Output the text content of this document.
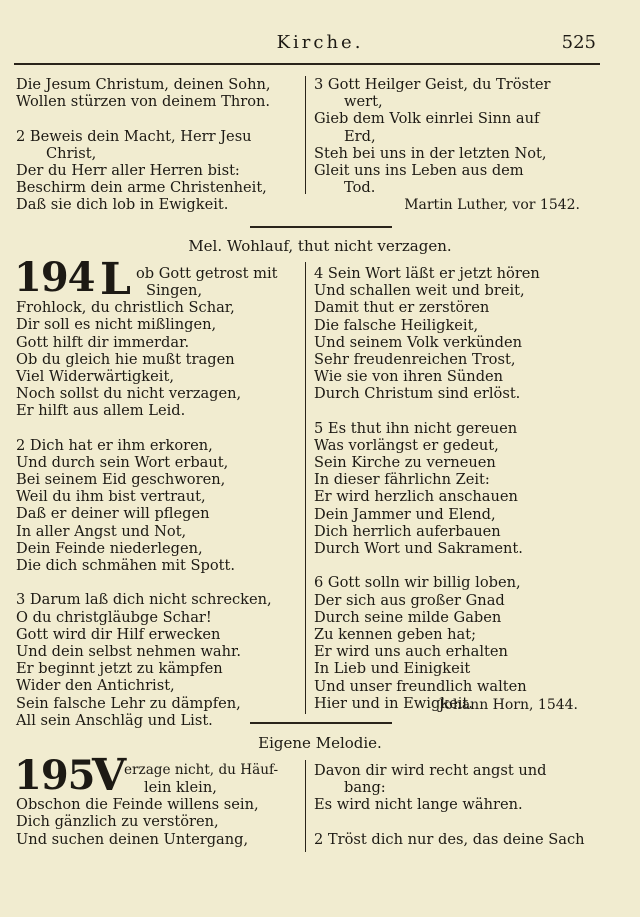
Kirche.	525
Die Jesum Christum, deinen Sohn,
Wollen stürzen von deinem Thron.
2 Beweis dein Macht, Herr Jesu
Christ,
Der du Herr aller Herren bist:
Beschirm dein arme Christenheit,
Daß sie dich lob in Ewigkeit.
3 Gott Heilger Geist, du Tröster
wert,
Gieb dem Volk einrlei Sinn auf
Erd,
Steh bei uns in der letzten Not,
Gleit uns ins Leben aus dem
Tod.
Martin Luther, vor 1542.
Mel. Wohlauf, thut nicht verzagen.
194 L ob Gott getrost mit
Singen,
Frohlock, du christlich Schar,
Dir soll es nicht mißlingen,
Gott hilft dir immerdar.
Ob du gleich hie mußt tragen
Viel Widerwärtigkeit,
Noch sollst du nicht verzagen,
Er hilft aus allem Leid.
2 Dich hat er ihm erkoren,
Und durch sein Wort erbaut,
Bei seinem Eid geschworen,
Weil du ihm bist vertraut,
Daß er deiner will pflegen
In aller Angst und Not,
Dein Feinde niederlegen,
Die dich schmähen mit Spott.
3 Darum laß dich nicht schrecken,
O du christgläubge Schar!
Gott wird dir Hilf erwecken
Und dein selbst nehmen wahr.
Er beginnt jetzt zu kämpfen
Wider den Antichrist,
Sein falsche Lehr zu dämpfen,
All sein Anschläg und List.
4 Sein Wort läßt er jetzt hören
Und schallen weit und breit,
Damit thut er zerstören
Die falsche Heiligkeit,
Und seinem Volk verkünden
Sehr freudenreichen Trost,
Wie sie von ihren Sünden
Durch Christum sind erlöst.
5 Es thut ihn nicht gereuen
Was vorlängst er gedeut,
Sein Kirche zu verneuen
In dieser fährlichn Zeit:
Er wird herzlich anschauen
Dein Jammer und Elend,
Dich herrlich auferbauen
Durch Wort und Sakrament.
6 Gott solln wir billig loben,
Der sich aus großer Gnad
Durch seine milde Gaben
Zu kennen geben hat;
Er wird uns auch erhalten
In Lieb und Einigkeit
Und unser freundlich walten
Hier und in Ewigkeit.
Johann Horn, 1544.
Eigene Melodie.
195
V
erzage nicht, du Häuf-
lein klein,
Obschon die Feinde willens sein,
Dich gänzlich zu verstören,
Und suchen deinen Untergang,
Davon dir wird recht angst und
bang:
Es wird nicht lange währen.
2 Tröst dich nur des, das deine Sach
